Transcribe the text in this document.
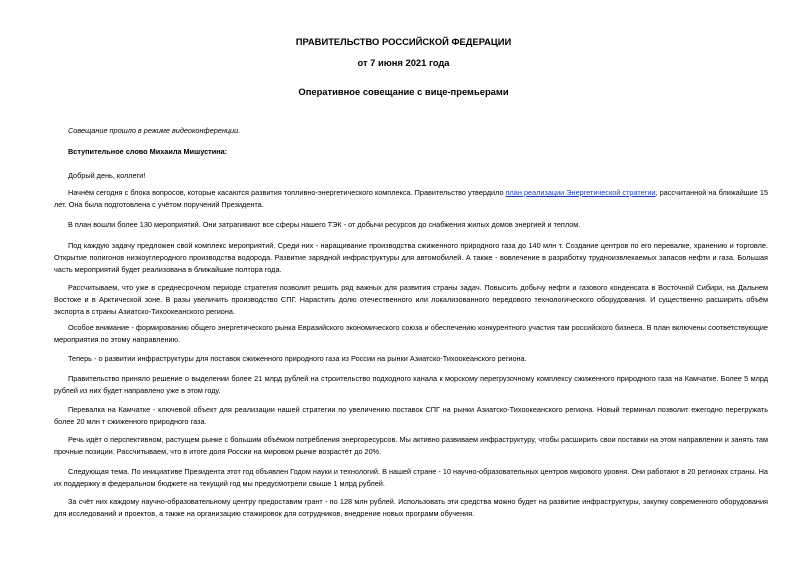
ПРАВИТЕЛЬСТВО РОССИЙСКОЙ ФЕДЕРАЦИИ
от 7 июня 2021 года
Оперативное совещание с вице-премьерами

Совещание прошло в режиме видеоконференции.

Вступительное слово Михаила Мишустина:

Добрый день, коллеги!

Начнём сегодня с блока вопросов, которые касаются развития топливно-энергетического комплекса. Правительство утвердило план реализации Энергетической стратегии, рассчитанной на ближайшие 15 лет. Она была подготовлена с учётом поручений Президента.

В план вошли более 130 мероприятий. Они затрагивают все сферы нашего ТЭК - от добычи ресурсов до снабжения жилых домов энергией и теплом.

Под каждую задачу предложен свой комплекс мероприятий. Среди них - наращивание производства сжиженного природного газа до 140 млн т. Создание центров по его перевалке, хранению и торговле. Открытие полигонов низкоуглеродного производства водорода. Развитие зарядной инфраструктуры для автомобилей. А также - вовлечение в разработку трудноизвлекаемых запасов нефти и газа. Большая часть мероприятий будет реализована в ближайшие полтора года.

Рассчитываем, что уже в среднесрочном периоде стратегия позволит решить ряд важных для развития страны задач. Повысить добычу нефти и газового конденсата в Восточной Сибири, на Дальнем Востоке и в Арктической зоне. В разы увеличить производство СПГ. Нарастить долю отечественного или локализованного передового технологического оборудования. И существенно расширить объём экспорта в страны Азиатско-Тихоокеанского региона.

Особое внимание - формированию общего энергетического рынка Евразийского экономического союза и обеспечению конкурентного участия там российского бизнеса. В план включены соответствующие мероприятия по этому направлению.

Теперь - о развитии инфраструктуры для поставок сжиженного природного газа из России на рынки Азиатско-Тихоокеанского региона.

Правительство приняло решение о выделении более 21 млрд рублей на строительство подходного канала к морскому перегрузочному комплексу сжиженного природного газа на Камчатке. Более 5 млрд рублей из них будет направлено уже в этом году.

Перевалка на Камчатке - ключевой объект для реализации нашей стратегии по увеличению поставок СПГ на рынки Азиатско-Тихоокеанского региона. Новый терминал позволит ежегодно перегружать более 20 млн т сжиженного природного газа.

Речь идёт о перспективном, растущем рынке с большим объёмом потребления энергоресурсов. Мы активно развиваем инфраструктуру, чтобы расширить свои поставки на этом направлении и занять там прочные позиции. Рассчитываем, что в итоге доля России на мировом рынке возрастёт до 20%.

Следующая тема. По инициативе Президента этот год объявлен Годом науки и технологий. В нашей стране - 10 научно-образовательных центров мирового уровня. Они работают в 20 регионах страны. На их поддержку в федеральном бюджете на текущий год мы предусмотрели свыше 1 млрд рублей.

За счёт них каждому научно-образовательному центру предоставим грант - по 128 млн рублей. Использовать эти средства можно будет на развитие инфраструктуры, закупку современного оборудования для исследований и проектов, а также на организацию стажировок для сотрудников, внедрение новых программ обучения.
